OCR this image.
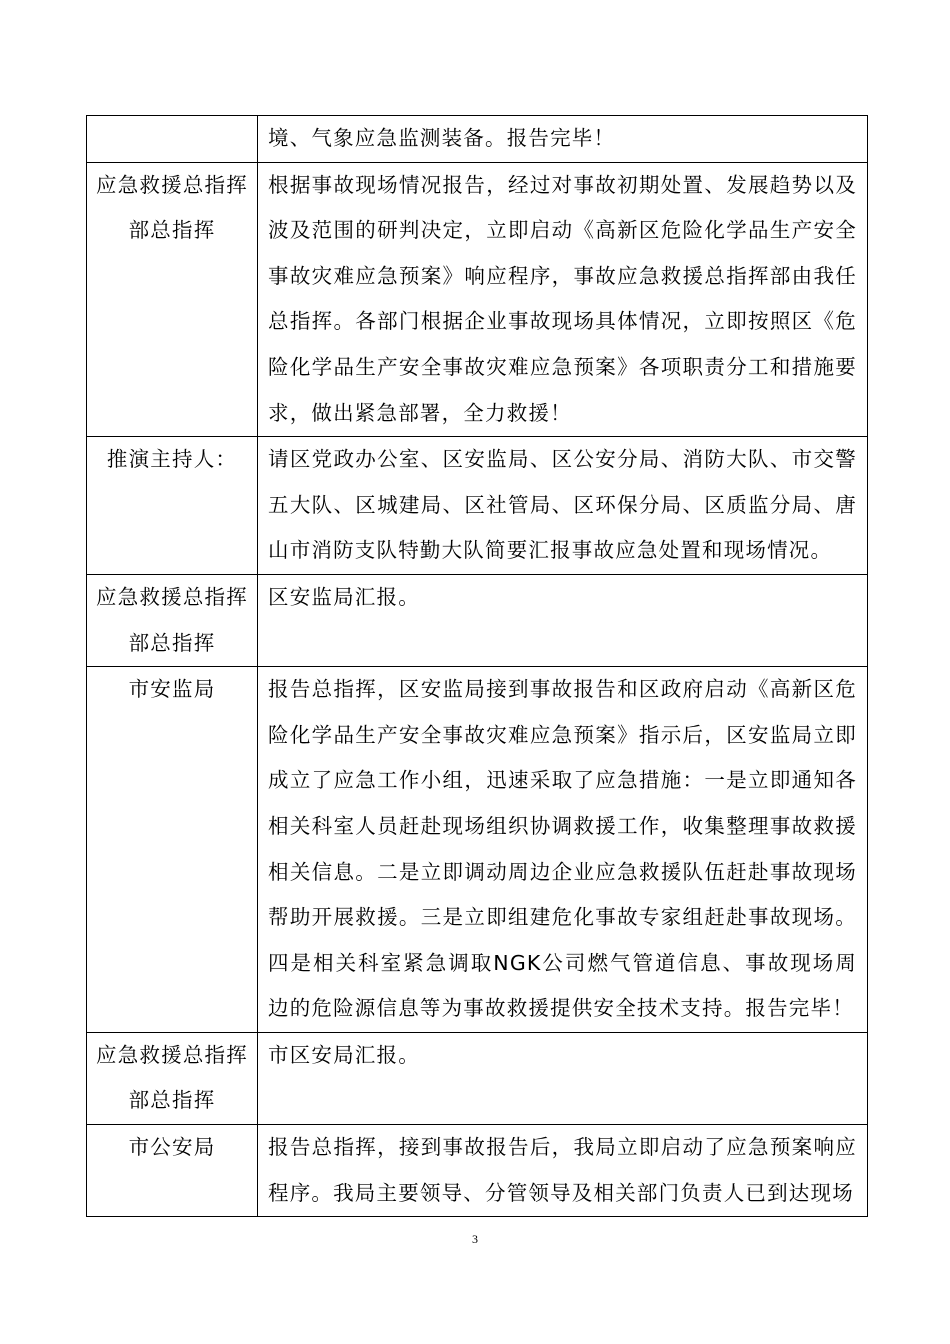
	境、气象应急监测装备。报告完毕！
应急救援总指挥部总指挥	根据事故现场情况报告，经过对事故初期处置、发展趋势以及波及范围的研判决定，立即启动《高新区危险化学品生产安全事故灾难应急预案》响应程序，事故应急救援总指挥部由我任总指挥。各部门根据企业事故现场具体情况，立即按照区《危险化学品生产安全事故灾难应急预案》各项职责分工和措施要求，做出紧急部署，全力救援！
推演主持人：	请区党政办公室、区安监局、区公安分局、消防大队、市交警五大队、区城建局、区社管局、区环保分局、区质监分局、唐山市消防支队特勤大队简要汇报事故应急处置和现场情况。
应急救援总指挥部总指挥	区安监局汇报。
市安监局	报告总指挥，区安监局接到事故报告和区政府启动《高新区危险化学品生产安全事故灾难应急预案》指示后，区安监局立即成立了应急工作小组，迅速采取了应急措施：一是立即通知各相关科室人员赶赴现场组织协调救援工作，收集整理事故救援相关信息。二是立即调动周边企业应急救援队伍赶赴事故现场帮助开展救援。三是立即组建危化事故专家组赶赴事故现场。四是相关科室紧急调取NGK公司燃气管道信息、事故现场周边的危险源信息等为事故救援提供安全技术支持。报告完毕！
应急救援总指挥部总指挥	市区安局汇报。
市公安局	报告总指挥，接到事故报告后，我局立即启动了应急预案响应程序。我局主要领导、分管领导及相关部门负责人已到达现场
3
